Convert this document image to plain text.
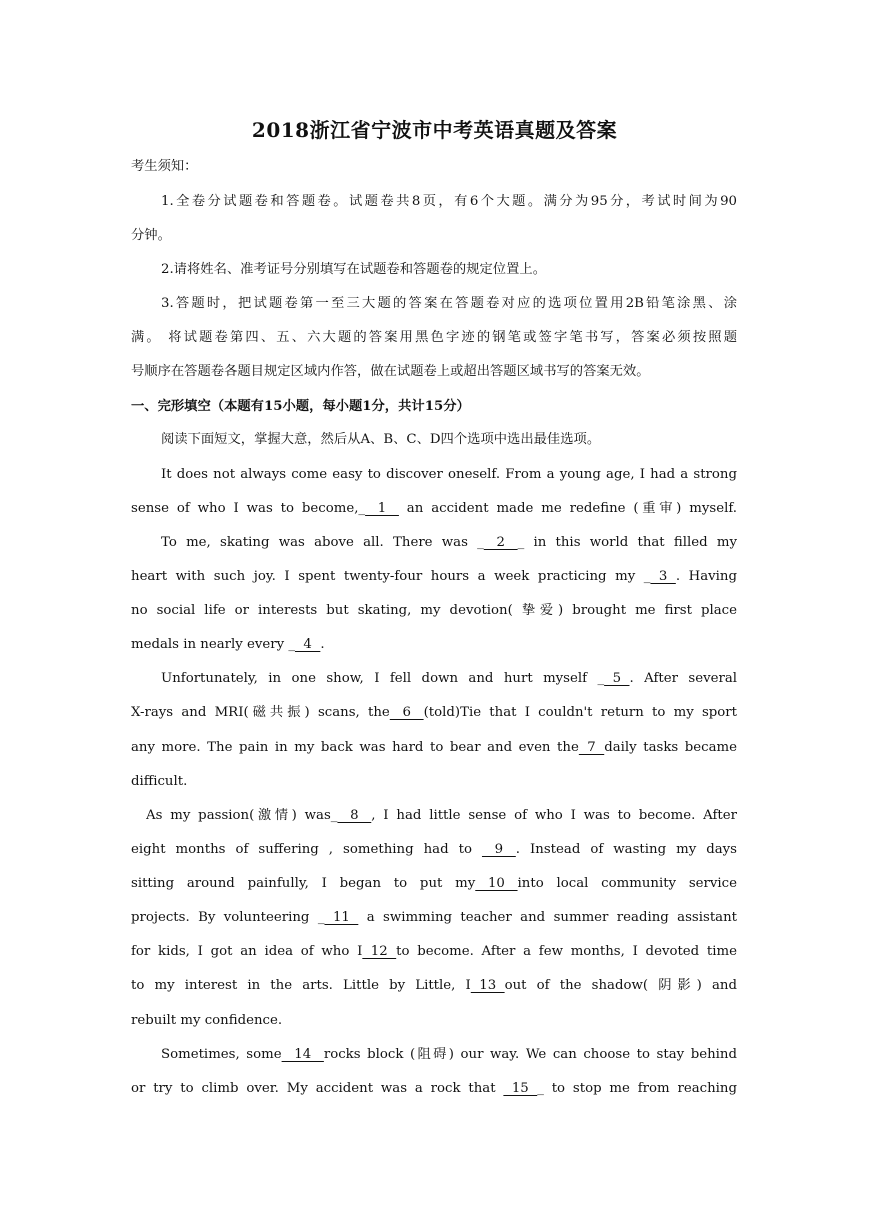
2018浙江省宁波市中考英语真题及答案
考生须知：
1.全卷分试题卷和答题卷。试题卷共8页，有6个大题。满分为95分，考试时间为90
分钟。
2.请将姓名、准考证号分别填写在试题卷和答题卷的规定位置上。
3.答题时，把试题卷第一至三大题的答案在答题卷对应的选项位置用2B铅笔涂黑、涂
满。 将试题卷第四、五、六大题的答案用黑色字迹的钢笔或签字笔书写，答案必须按照题
号顺序在答题卷各题目规定区域内作答，做在试题卷上或超出答题区域书写的答案无效。
一、完形填空（本题有15小题，每小题1分，共计15分）
阅读下面短文，掌握大意，然后从A、B、C、D四个选项中选出最佳选项。
It does not always come easy to discover oneself. From a young age, I had a strong
sense of who I was to become,_   1    an accident made me redefine (重审) myself.
To me, skating was above all. There was _   2   _ in this world that filled my
heart with such joy. I spent twenty-four hours a week practicing my _  3  . Having
no social life or interests but skating, my devotion( 挚爱) brought me first place
medals in nearly every _  4  .
Unfortunately, in one show, I fell down and hurt myself _  5  . After several
X-rays and MRI(磁共振) scans, the   6   (told)Tie that I couldn't return to my sport
any more. The pain in my back was hard to bear and even the  7  daily tasks became
difficult.
As my passion(激情) was_   8   , I had little sense of who I was to become. After
eight months of suffering , something had to    9   . Instead of wasting my days
sitting around painfully, I began to put my   10   into local community service
projects. By volunteering _  11   a swimming teacher and summer reading assistant
for kids, I got an idea of who I  12  to become. After a few months, I devoted time
to my interest in the arts. Little by Little, I  13  out of the shadow( 阴影) and
rebuilt my confidence.
Sometimes, some   14   rocks block (阻碍) our way. We can choose to stay behind
or try to climb over. My accident was a rock that   15  _ to stop me from reaching
